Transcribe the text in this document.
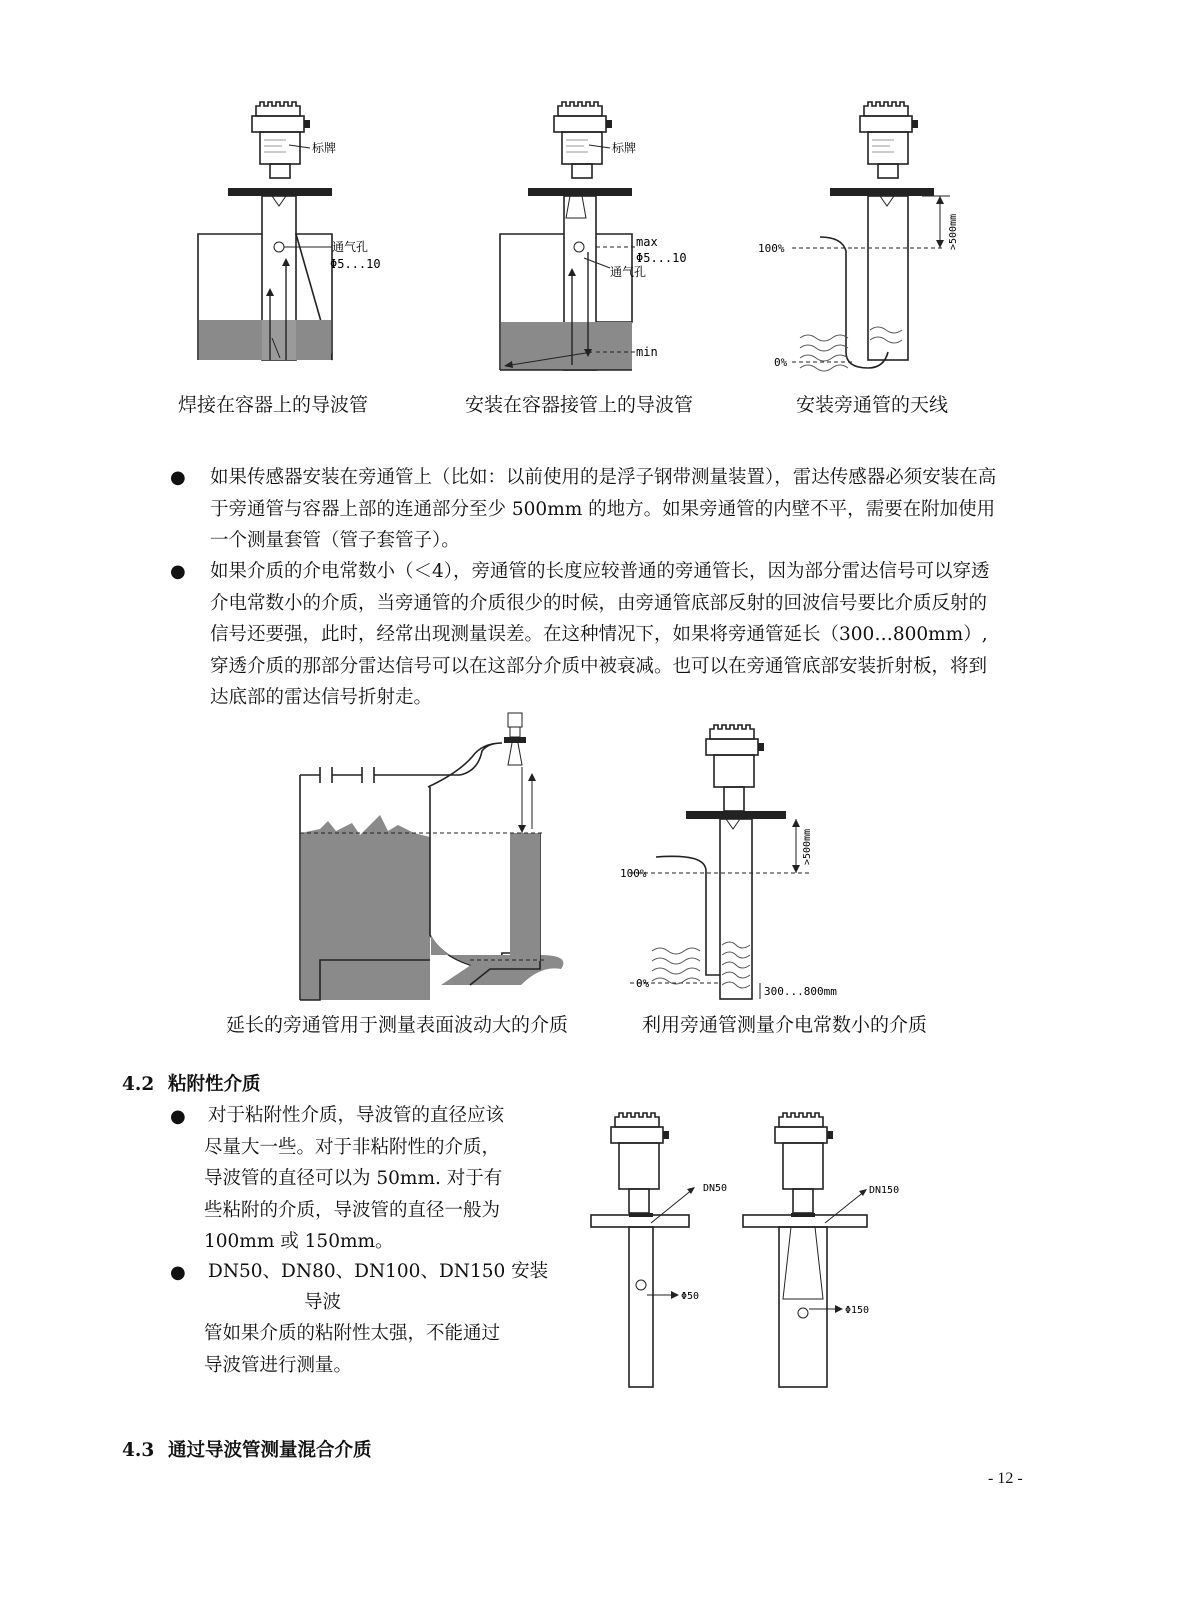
标牌
通气孔
Φ5...10
标牌
max
Φ5...10
通气孔
min
100%
0%
>500mm
焊接在容器上的导波管	安装在容器接管上的导波管	安装旁通管的天线
● 如果传感器安装在旁通管上（比如：以前使用的是浮子钢带测量装置），雷达传感器必须安装在高于旁通管与容器上部的连通部分至少 500mm 的地方。如果旁通管的内壁不平，需要在附加使用一个测量套管（管子套管子）。
● 如果介质的介电常数小（＜4），旁通管的长度应较普通的旁通管长，因为部分雷达信号可以穿透介电常数小的介质，当旁通管的介质很少的时候，由旁通管底部反射的回波信号要比介质反射的信号还要强，此时，经常出现测量误差。在这种情况下，如果将旁通管延长（300…800mm）,穿透介质的那部分雷达信号可以在这部分介质中被衰减。也可以在旁通管底部安装折射板，将到达底部的雷达信号折射走。
100%
0%
>500mm
300...800mm
延长的旁通管用于测量表面波动大的介质	利用旁通管测量介电常数小的介质
4.2 粘附性介质
● 对于粘附性介质，导波管的直径应该尽量大一些。对于非粘附性的介质，导波管的直径可以为 50mm. 对于有些粘附的介质，导波管的直径一般为 100mm 或 150mm。
● DN50、DN80、DN100、DN150 安装
导波
管如果介质的粘附性太强，不能通过导波管进行测量。
DN50
Φ50
DN150
Φ150
4.3 通过导波管测量混合介质
- 12 -
